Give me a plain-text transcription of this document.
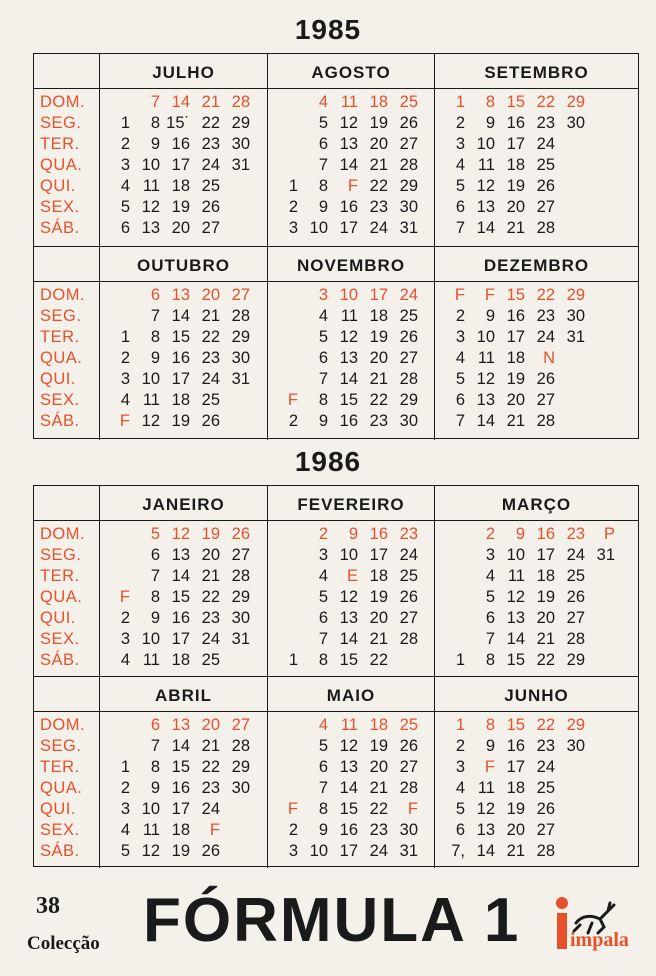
1985
DOM.
SEG.
TER.
QUA.
QUI.
SEX.
SÁB.
JULHO
7 14 21 28
1 8 15˙ 22 29
2 9 16 23 30
3 10 17 24 31
4 11 18 25
5 12 19 26
6 13 20 27
AGOSTO
4 11 18 25
5 12 19 26
6 13 20 27
7 14 21 28
1 8 F 22 29
2 9 16 23 30
3 10 17 24 31
SETEMBRO
1 8 15 22 29
2 9 16 23 30
3 10 17 24
4 11 18 25
5 12 19 26
6 13 20 27
7 14 21 28
DOM.
SEG.
TER.
QUA.
QUI.
SEX.
SÁB.
OUTUBRO
6 13 20 27
7 14 21 28
1 8 15 22 29
2 9 16 23 30
3 10 17 24 31
4 11 18 25
F 12 19 26
NOVEMBRO
3 10 17 24
4 11 18 25
5 12 19 26
6 13 20 27
7 14 21 28
F 8 15 22 29
2 9 16 23 30
DEZEMBRO
F F 15 22 29
2 9 16 23 30
3 10 17 24 31
4 11 18 N
5 12 19 26
6 13 20 27
7 14 21 28
1986
DOM.
SEG.
TER.
QUA.
QUI.
SEX.
SÁB.
JANEIRO
5 12 19 26
6 13 20 27
7 14 21 28
F 8 15 22 29
2 9 16 23 30
3 10 17 24 31
4 11 18 25
FEVEREIRO
2 9 16 23
3 10 17 24
4 E 18 25
5 12 19 26
6 13 20 27
7 14 21 28
1 8 15 22
MARÇO
2 9 16 23 P
3 10 17 24 31
4 11 18 25
5 12 19 26
6 13 20 27
7 14 21 28
1 8 15 22 29
DOM.
SEG.
TER.
QUA.
QUI.
SEX.
SÁB.
ABRIL
6 13 20 27
7 14 21 28
1 8 15 22 29
2 9 16 23 30
3 10 17 24
4 11 18 F
5 12 19 26
MAIO
4 11 18 25
5 12 19 26
6 13 20 27
7 14 21 28
F 8 15 22 F
2 9 16 23 30
3 10 17 24 31
JUNHO
1 8 15 22 29
2 9 16 23 30
3 F 17 24
4 11 18 25
5 12 19 26
6 13 20 27
7, 14 21 28
38
Colecção FÓRMULA 1 impala
